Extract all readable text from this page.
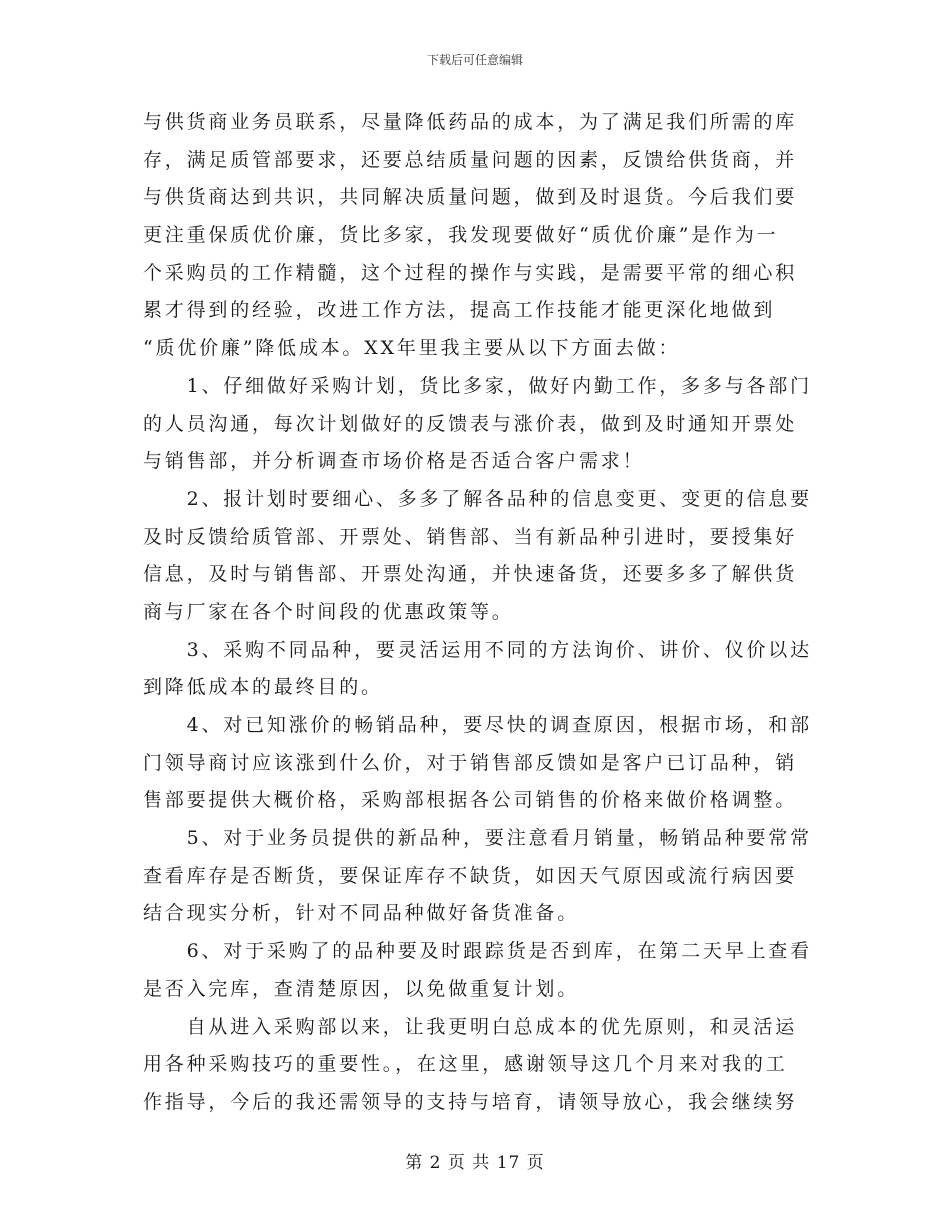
下载后可任意编辑
与供货商业务员联系，尽量降低药品的成本，为了满足我们所需的库
存，满足质管部要求，还要总结质量问题的因素，反馈给供货商，并
与供货商达到共识，共同解决质量问题，做到及时退货。今后我们要
更注重保质优价廉，货比多家，我发现要做好“质优价廉”是作为一
个采购员的工作精髓，这个过程的操作与实践，是需要平常的细心积
累才得到的经验，改进工作方法，提高工作技能才能更深化地做到
“质优价廉”降低成本。XX年里我主要从以下方面去做：
　　1、仔细做好采购计划，货比多家，做好内勤工作，多多与各部门
的人员沟通，每次计划做好的反馈表与涨价表，做到及时通知开票处
与销售部，并分析调查市场价格是否适合客户需求！
　　2、报计划时要细心、多多了解各品种的信息变更、变更的信息要
及时反馈给质管部、开票处、销售部、当有新品种引进时，要授集好
信息，及时与销售部、开票处沟通，并快速备货，还要多多了解供货
商与厂家在各个时间段的优惠政策等。
　　3、采购不同品种，要灵活运用不同的方法询价、讲价、仪价以达
到降低成本的最终目的。
　　4、对已知涨价的畅销品种，要尽快的调查原因，根据市场，和部
门领导商讨应该涨到什么价，对于销售部反馈如是客户已订品种，销
售部要提供大概价格，采购部根据各公司销售的价格来做价格调整。
　　5、对于业务员提供的新品种，要注意看月销量，畅销品种要常常
查看库存是否断货，要保证库存不缺货，如因天气原因或流行病因要
结合现实分析，针对不同品种做好备货准备。
　　6、对于采购了的品种要及时跟踪货是否到库，在第二天早上查看
是否入完库，查清楚原因，以免做重复计划。
　　自从进入采购部以来，让我更明白总成本的优先原则，和灵活运
用各种采购技巧的重要性。，在这里，感谢领导这几个月来对我的工
作指导，今后的我还需领导的支持与培育，请领导放心，我会继续努
第 2 页 共 17 页
